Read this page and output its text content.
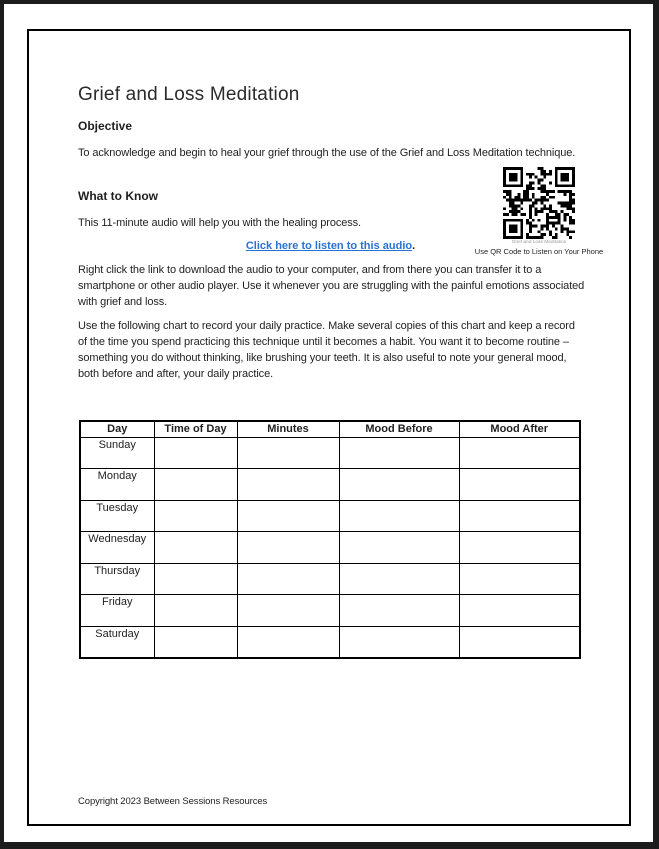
Grief and Loss Meditation
Objective

To acknowledge and begin to heal your grief through the use of the Grief and Loss Meditation technique.

What to Know

This 11-minute audio will help you with the healing process.

Click here to listen to this audio.

Right click the link to download the audio to your computer, and from there you can transfer it to a smartphone or other audio player. Use it whenever you are struggling with the painful emotions associated with grief and loss.

Use the following chart to record your daily practice. Make several copies of this chart and keep a record of the time you spend practicing this technique until it becomes a habit. You want it to become routine – something you do without thinking, like brushing your teeth. It is also useful to note your general mood, both before and after, your daily practice.

Grief and Loss Meditation
Use QR Code to Listen on Your Phone
Day	Time of Day	Minutes	Mood Before	Mood After
Sunday				
Monday				
Tuesday				
Wednesday				
Thursday				
Friday				
Saturday				

Copyright 2023 Between Sessions Resources
